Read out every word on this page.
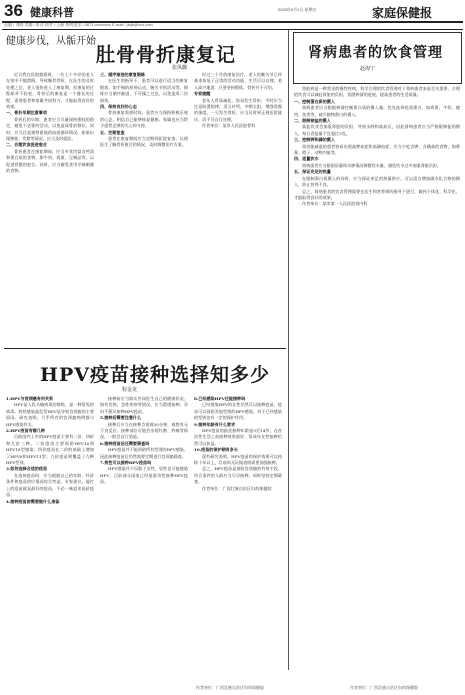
36 健康科普	2024年3月1日 星期五	家庭保健报
责编 / 刘晓 美编 / 彭洁 校对 / 王静 热线电话 / 0871-xxxxxxxx E-mail / jtbjb@xxx.com
健康步伐，从骺开始
肚骨骨折康复记
张凤璐

近日我在医院值班时，一位七十多岁的老人在家中不慎滑倒，导致腕骨骨折。在医生的及时处理之后，老人很快进入了康复期，但康复的过程却并不轻松。骨折后的康复是一个漫长的过程，需要患者和家属共同努力，才能取得良好的效果。

一、骨折早期注意事项

骨折后的早期，患者应当尽量保持患肢的稳定，避免不必要的活动，以免造成骨折移位。同时，应当注意观察患肢的血液循环情况，如果出现肿胀、发紫等情况，应当及时就医。

二、合理饮食促进愈合

骨折患者在康复期间，应当多食用富含钙质和蛋白质的食物，如牛奶、鸡蛋、豆制品等，以促进骨骼的愈合。同时，应当避免食用辛辣刺激的食物。

三、循序渐进的康复锻炼

在医生的指导下，患者可以进行适当的康复锻炼，如手指的屈伸运动、腕关节的活动等。锻炼应当循序渐进，不可操之过急，以免造成二次损伤。

四、保持良好的心态

骨折康复需要时间，患者应当保持积极乐观的心态，相信自己能够恢复健康。家属也应当给予患者足够的关心和支持。

五、定期复查

患者在康复期间应当定期到医院复查，以便医生了解骨折愈合的情况，及时调整治疗方案。

经过三个月的康复治疗，老人的腕关节已经基本恢复了正常的活动功能，生活可以自理。老人高兴地说：只要坚持锻炼，骨折并不可怕。

专家提醒

老年人骨质疏松，容易发生骨折，平时应当注意防滑防摔，适当补钙，多晒太阳，增强骨骼的强度。一旦发生骨折，应当及时到正规医院就诊，切不可自行处理。

作者单位：某市人民医院骨科

肾病患者的饮食管理
赵海宁

肾脏病是一种常见的慢性疾病，科学合理的饮食管理对于肾病患者来说至关重要。合理的饮食可以减轻肾脏的负担，延缓病情的进展，提高患者的生活质量。

一、控制蛋白质的摄入

肾病患者应当根据病情控制蛋白质的摄入量，优先选择优质蛋白，如鸡蛋、牛奶、瘦肉、鱼类等，减少植物蛋白的摄入。

二、限制钠盐的摄入

高盐饮食会加重肾脏的负担，导致水肿和高血压，因此肾病患者应当严格限制盐的摄入，每日食盐量不宜超过3克。

三、控制钾和磷的摄入

肾功能减退的患者容易出现高钾血症和高磷血症，应当少吃含钾、含磷高的食物，如香蕉、橙子、动物内脏等。

四、适量饮水

肾病患者应当根据尿量和水肿情况调整饮水量，避免饮水过多加重肾脏负担。

五、保证充足的热量

在限制蛋白质摄入的同时，应当保证充足的热量供应，可以适当增加碳水化合物的摄入，防止营养不良。

总之，肾病患者的饮食管理需要在医生和营养师的指导下进行，做到个体化、科学化，才能取得良好的效果。

作者单位：某市第一人民医院肾内科

HPV疫苗接种选择知多少
程金龙

1.HPV与宫颈癌有何关系

HPV是人乳头瘤病毒的简称，是一种常见的病毒。持续感染高危型HPV是导致宫颈癌的主要原因。研究表明，几乎所有的宫颈癌病例都与HPV感染有关。

2.HPV疫苗有哪几种

目前国内上市的HPV疫苗主要有二价、四价和九价三种。二价疫苗主要预防HPV16和HPV18型感染；四价疫苗在二价的基础上增加了HPV6和HPV11型；九价疫苗则覆盖了九种HPV型别。

3.如何选择合适的疫苗

在选择疫苗时，应当根据自己的年龄、经济条件和疫苗供应情况综合考虑。专家建议，能打上的疫苗就是最好的疫苗，不必一味追求高价疫苗。

4.接种疫苗前需要做什么准备

接种前应当如实告知医生自己的健康状况，如有发热、急性疾病等情况，应当暂缓接种。孕妇不建议接种HPV疫苗。

5.接种后需要注意什么

接种后应当在接种点留观30分钟，观察有无不良反应。接种部位可能会出现红肿、疼痛等情况，一般会自行消退。

6.接种疫苗后还需要筛查吗

HPV疫苗并不能预防所有型别的HPV感染，因此接种疫苗后仍然需要定期进行宫颈癌筛查。

7.男性可以接种HPV疫苗吗

HPV感染并不仅限于女性，男性也可能感染HPV。目前部分国家已经批准男性接种HPV疫苗。

8.已经感染HPV还能接种吗

已经感染HPV的女性仍然可以接种疫苗，疫苗可以预防其他型别的HPV感染，对于已经感染的型别也有一定的保护作用。

9.接种年龄有什么要求

HPV疫苗的最佳接种年龄是9至14岁，在首次性生活之前接种效果最好。但成年女性接种仍然可以获益。

10.疫苗的保护期有多长

现有研究表明，HPV疫苗的保护效果可以持续十年以上，目前尚无证据表明需要加强接种。

总之，HPV疫苗是预防宫颈癌的有效手段，符合条件的人群应当尽早接种，同时坚持定期筛查。

作者单位：广西壮族自治区妇幼保健院

作者单位：广西壮族自治区妇幼保健院	作者单位：广西壮族自治区妇幼保健院
